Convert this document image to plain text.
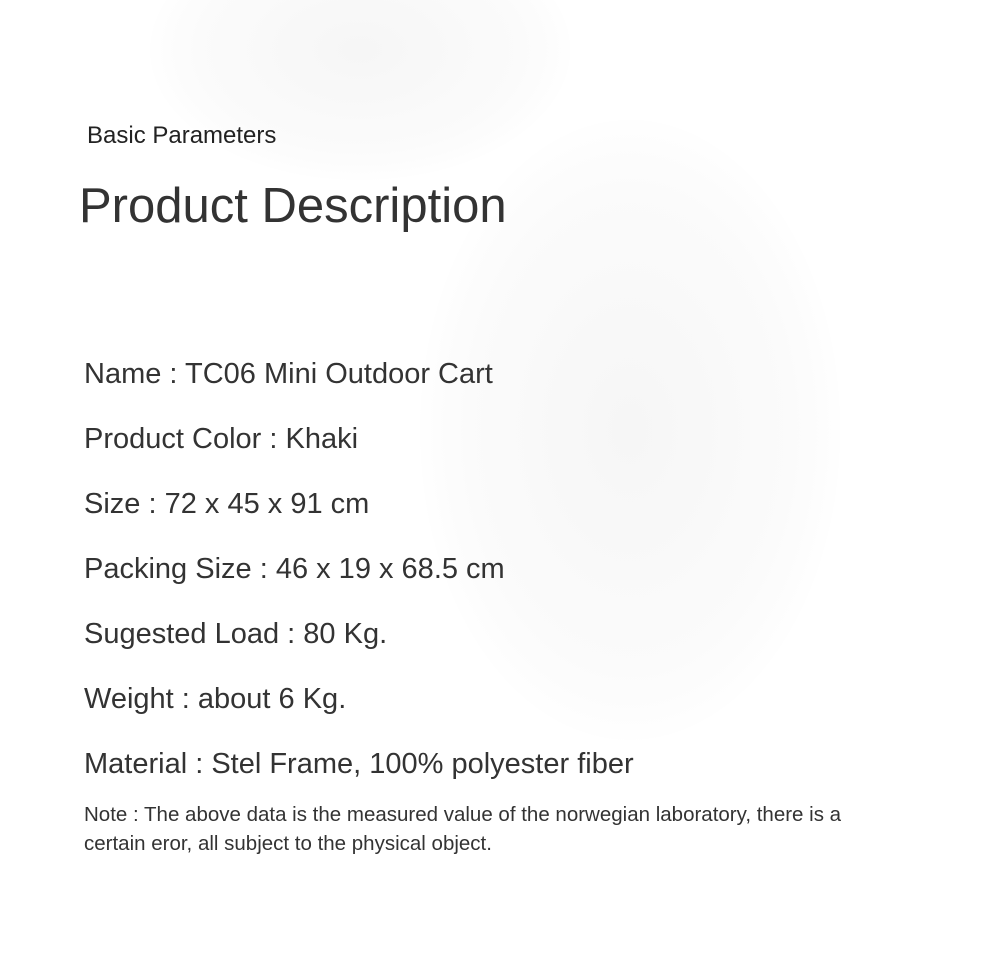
Basic Parameters
Product Description
Name : TC06 Mini Outdoor Cart
Product Color : Khaki
Size : 72 x 45 x 91 cm
Packing Size : 46 x 19 x 68.5 cm
Sugested Load : 80 Kg.
Weight : about 6 Kg.
Material : Stel Frame, 100% polyester fiber
Note : The above data is the measured value of the norwegian laboratory, there is a certain eror, all subject to the physical object.
